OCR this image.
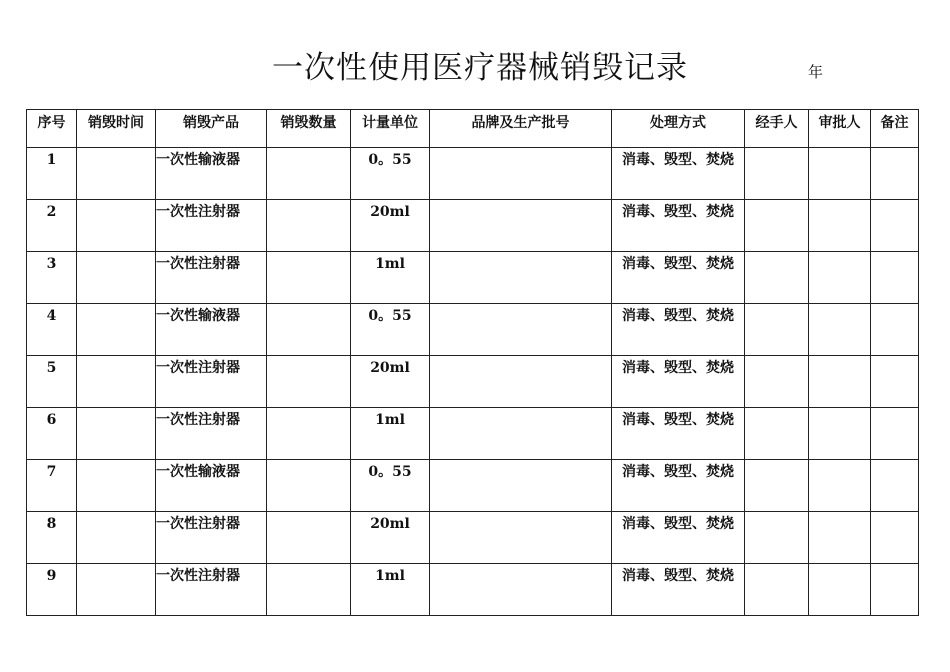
一次性使用医疗器械销毁记录	年
序号	销毁时间	销毁产品	销毁数量	计量单位	品牌及生产批号	处理方式	经手人	审批人	备注
1		一次性输液器		0。55		消毒、毁型、焚烧			
2		一次性注射器		20ml		消毒、毁型、焚烧			
3		一次性注射器		1ml		消毒、毁型、焚烧			
4		一次性输液器		0。55		消毒、毁型、焚烧			
5		一次性注射器		20ml		消毒、毁型、焚烧			
6		一次性注射器		1ml		消毒、毁型、焚烧			
7		一次性输液器		0。55		消毒、毁型、焚烧			
8		一次性注射器		20ml		消毒、毁型、焚烧			
9		一次性注射器		1ml		消毒、毁型、焚烧			
